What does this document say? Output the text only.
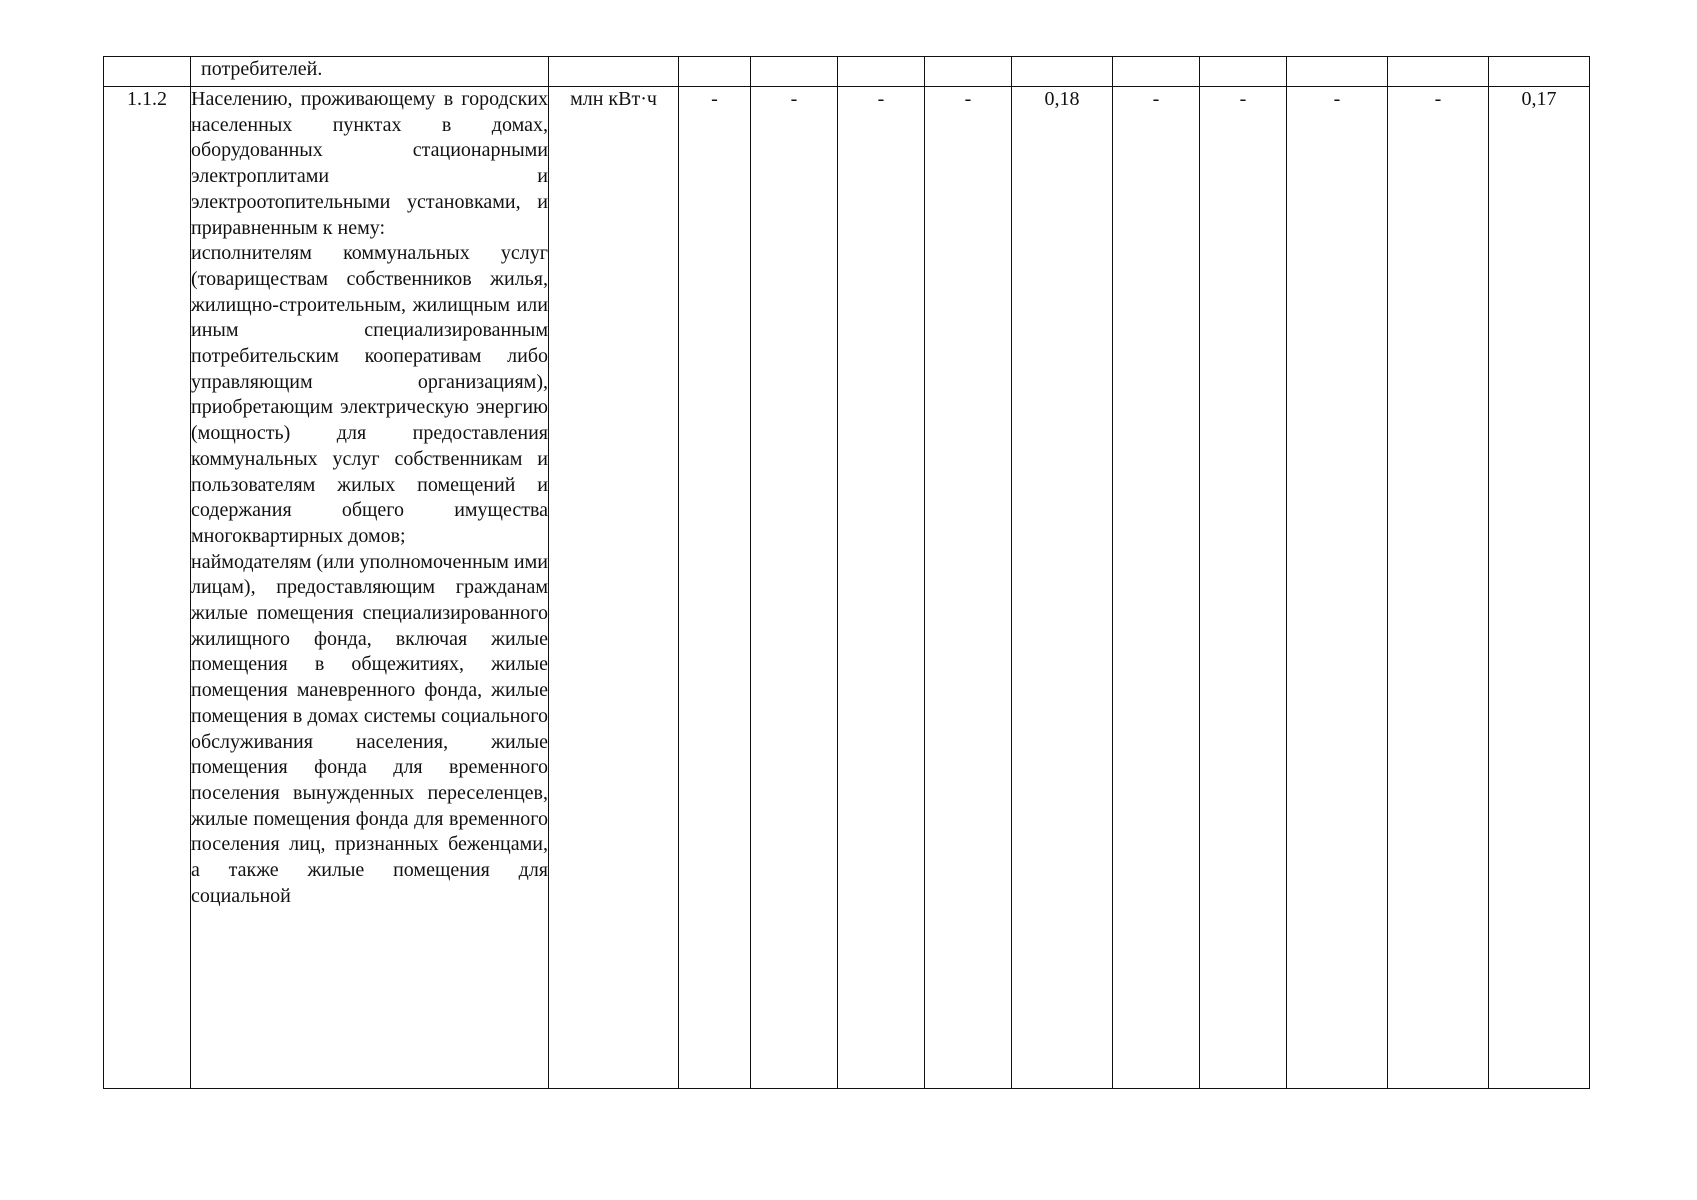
	потребителей.											

1.1.2	Населению, проживающему в городских населенных пунктах в домах, оборудованных стационарными электроплитами и электроотопительными установками, и приравненным к нему:
исполнителям коммунальных услуг (товариществам собственников жилья, жилищно-строительным, жилищным или иным специализированным потребительским кооперативам либо управляющим организациям), приобретающим электрическую энергию (мощность) для предоставления коммунальных услуг собственникам и пользователям жилых помещений и содержания общего имущества многоквартирных домов;
наймодателям (или уполномоченным ими лицам), предоставляющим гражданам жилые помещения специализированного жилищного фонда, включая жилые помещения в общежитиях, жилые помещения маневренного фонда, жилые помещения в домах системы социального обслуживания населения, жилые помещения фонда для временного поселения вынужденных переселенцев, жилые помещения фонда для временного поселения лиц, признанных беженцами, а также жилые помещения для социальной	млн кВт·ч	-	-	-	-	0,18	-	-	-	-	0,17
